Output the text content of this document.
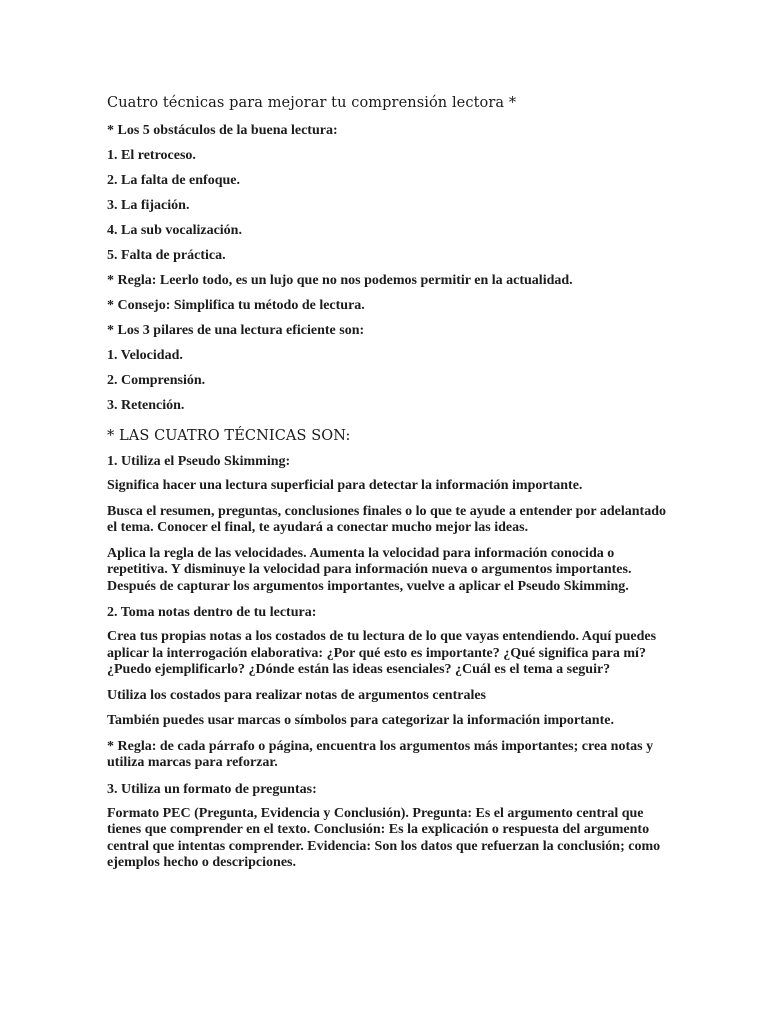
Cuatro técnicas para mejorar tu comprensión lectora *
* Los 5 obstáculos de la buena lectura:
1. El retroceso.
2. La falta de enfoque.
3. La fijación.
4. La sub vocalización.
5. Falta de práctica.
* Regla: Leerlo todo, es un lujo que no nos podemos permitir en la actualidad.
* Consejo: Simplifica tu método de lectura.
* Los 3 pilares de una lectura eficiente son:
1. Velocidad.
2. Comprensión.
3. Retención.
* LAS CUATRO TÉCNICAS SON:
1. Utiliza el Pseudo Skimming:
Significa hacer una lectura superficial para detectar la información importante.
Busca el resumen, preguntas, conclusiones finales o lo que te ayude a entender por adelantado el tema. Conocer el final, te ayudará a conectar mucho mejor las ideas.
Aplica la regla de las velocidades. Aumenta la velocidad para información conocida o repetitiva. Y disminuye la velocidad para información nueva o argumentos importantes. Después de capturar los argumentos importantes, vuelve a aplicar el Pseudo Skimming.
2. Toma notas dentro de tu lectura:
Crea tus propias notas a los costados de tu lectura de lo que vayas entendiendo. Aquí puedes aplicar la interrogación elaborativa: ¿Por qué esto es importante? ¿Qué significa para mí? ¿Puedo ejemplificarlo? ¿Dónde están las ideas esenciales? ¿Cuál es el tema a seguir?
Utiliza los costados para realizar notas de argumentos centrales
También puedes usar marcas o símbolos para categorizar la información importante.
* Regla: de cada párrafo o página, encuentra los argumentos más importantes; crea notas y utiliza marcas para reforzar.
3. Utiliza un formato de preguntas:
Formato PEC (Pregunta, Evidencia y Conclusión). Pregunta: Es el argumento central que tienes que comprender en el texto. Conclusión: Es la explicación o respuesta del argumento central que intentas comprender. Evidencia: Son los datos que refuerzan la conclusión; como ejemplos hecho o descripciones.
